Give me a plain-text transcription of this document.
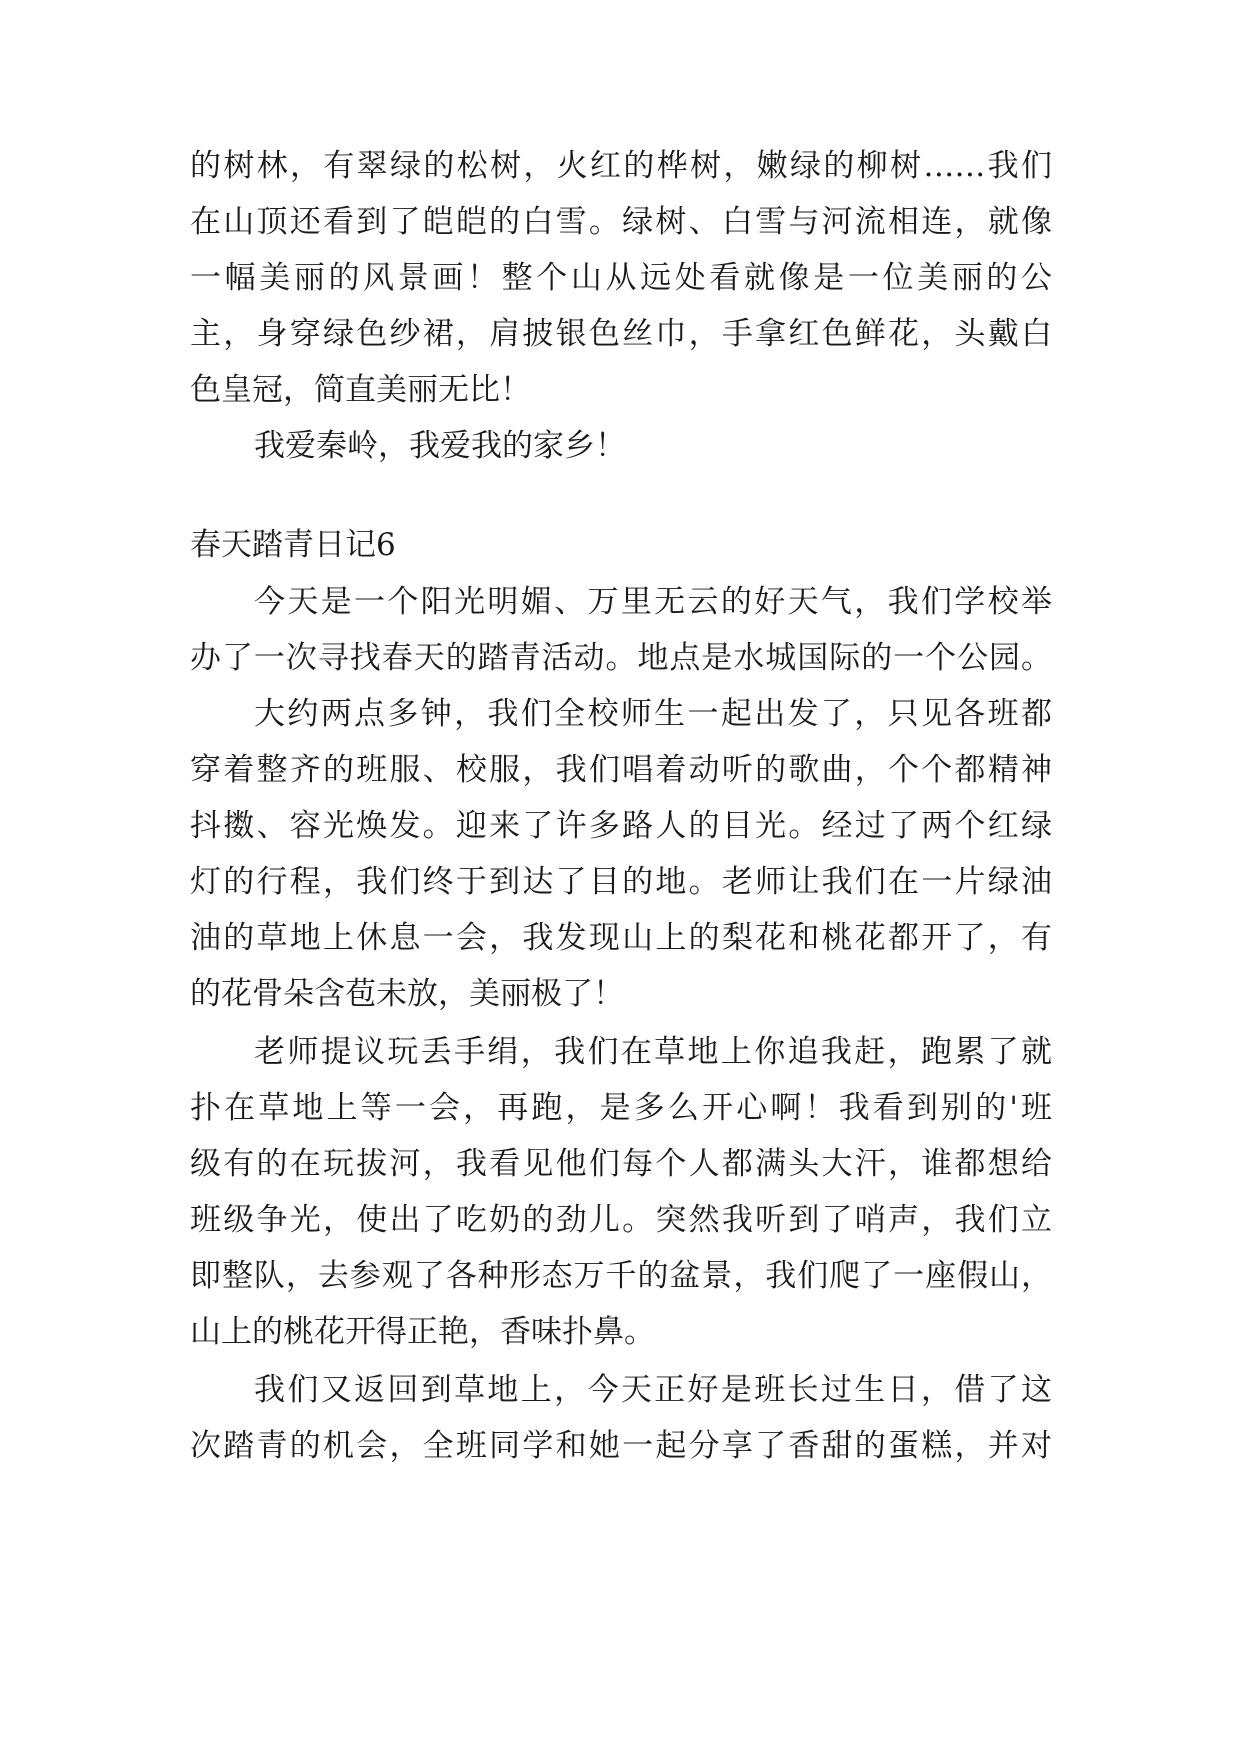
的树林，有翠绿的松树，火红的桦树，嫩绿的柳树……我们
在山顶还看到了皑皑的白雪。绿树、白雪与河流相连，就像
一幅美丽的风景画！整个山从远处看就像是一位美丽的公
主，身穿绿色纱裙，肩披银色丝巾，手拿红色鲜花，头戴白
色皇冠，简直美丽无比！
我爱秦岭，我爱我的家乡！
春天踏青日记6
今天是一个阳光明媚、万里无云的好天气，我们学校举
办了一次寻找春天的踏青活动。地点是水城国际的一个公园。
大约两点多钟，我们全校师生一起出发了，只见各班都
穿着整齐的班服、校服，我们唱着动听的歌曲，个个都精神
抖擞、容光焕发。迎来了许多路人的目光。经过了两个红绿
灯的行程，我们终于到达了目的地。老师让我们在一片绿油
油的草地上休息一会，我发现山上的梨花和桃花都开了，有
的花骨朵含苞未放，美丽极了！
老师提议玩丢手绢，我们在草地上你追我赶，跑累了就
扑在草地上等一会，再跑，是多么开心啊！我看到别的'班
级有的在玩拔河，我看见他们每个人都满头大汗，谁都想给
班级争光，使出了吃奶的劲儿。突然我听到了哨声，我们立
即整队，去参观了各种形态万千的盆景，我们爬了一座假山，
山上的桃花开得正艳，香味扑鼻。
我们又返回到草地上，今天正好是班长过生日，借了这
次踏青的机会，全班同学和她一起分享了香甜的蛋糕，并对
